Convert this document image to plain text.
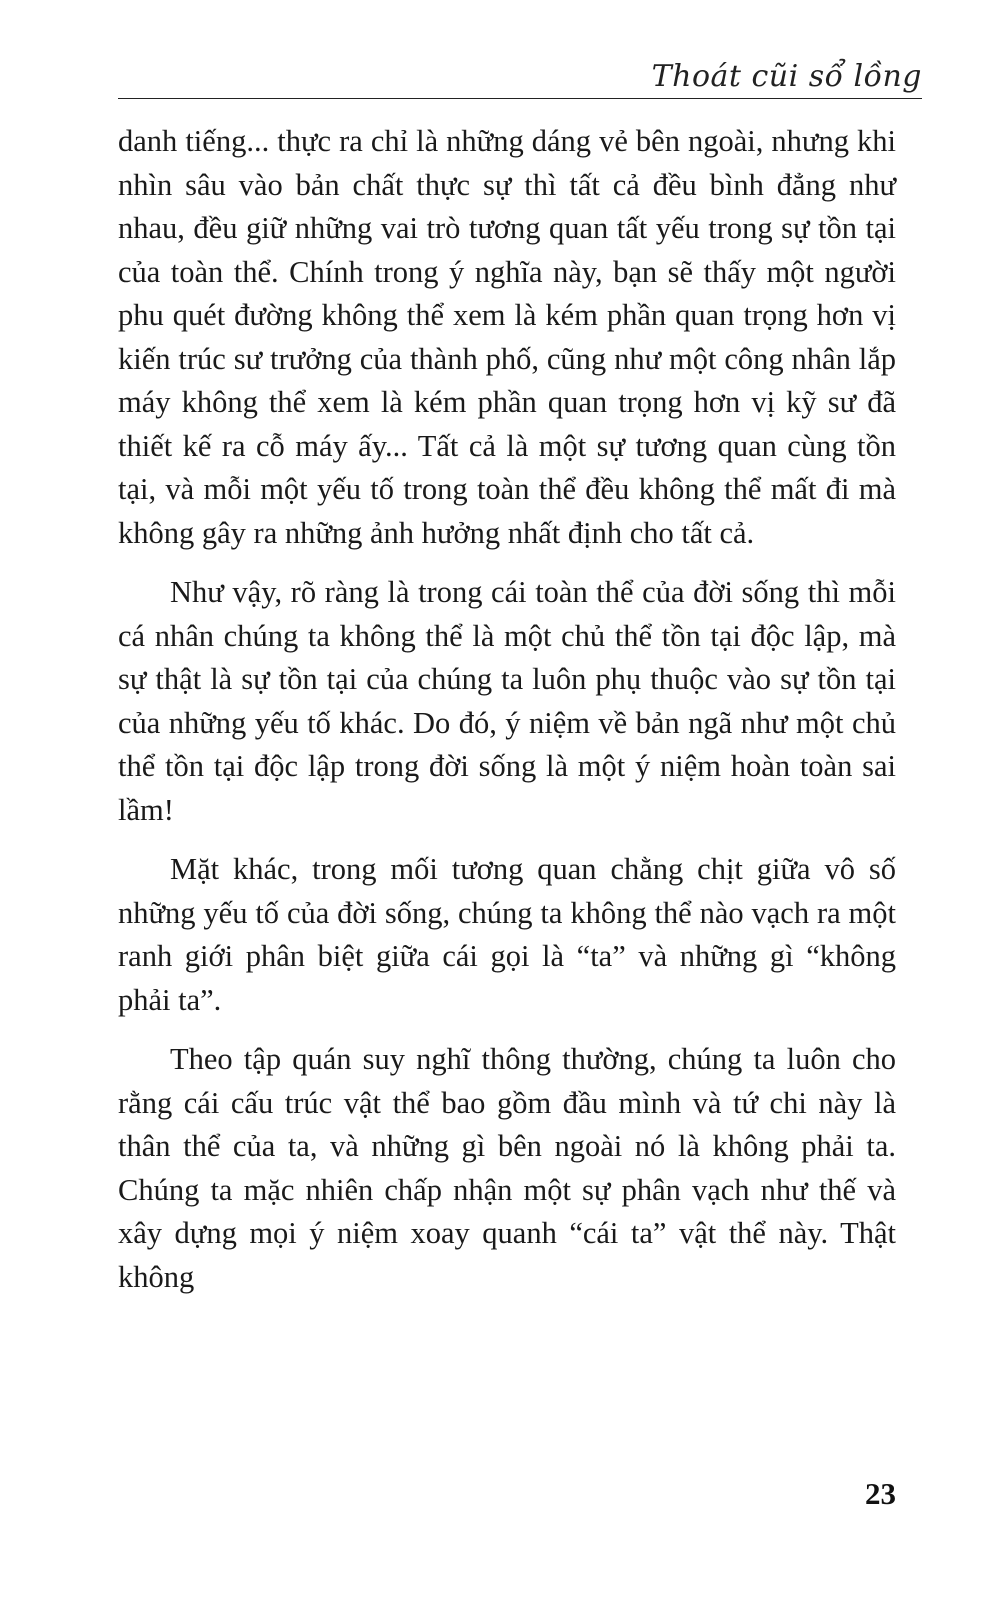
Thoát cũi sổ lồng

danh tiếng... thực ra chỉ là những dáng vẻ bên ngoài, nhưng khi nhìn sâu vào bản chất thực sự thì tất cả đều bình đẳng như nhau, đều giữ những vai trò tương quan tất yếu trong sự tồn tại của toàn thể. Chính trong ý nghĩa này, bạn sẽ thấy một người phu quét đường không thể xem là kém phần quan trọng hơn vị kiến trúc sư trưởng của thành phố, cũng như một công nhân lắp máy không thể xem là kém phần quan trọng hơn vị kỹ sư đã thiết kế ra cỗ máy ấy... Tất cả là một sự tương quan cùng tồn tại, và mỗi một yếu tố trong toàn thể đều không thể mất đi mà không gây ra những ảnh hưởng nhất định cho tất cả.

Như vậy, rõ ràng là trong cái toàn thể của đời sống thì mỗi cá nhân chúng ta không thể là một chủ thể tồn tại độc lập, mà sự thật là sự tồn tại của chúng ta luôn phụ thuộc vào sự tồn tại của những yếu tố khác. Do đó, ý niệm về bản ngã như một chủ thể tồn tại độc lập trong đời sống là một ý niệm hoàn toàn sai lầm!

Mặt khác, trong mối tương quan chằng chịt giữa vô số những yếu tố của đời sống, chúng ta không thể nào vạch ra một ranh giới phân biệt giữa cái gọi là “ta” và những gì “không phải ta”.

Theo tập quán suy nghĩ thông thường, chúng ta luôn cho rằng cái cấu trúc vật thể bao gồm đầu mình và tứ chi này là thân thể của ta, và những gì bên ngoài nó là không phải ta. Chúng ta mặc nhiên chấp nhận một sự phân vạch như thế và xây dựng mọi ý niệm xoay quanh “cái ta” vật thể này. Thật không

23
